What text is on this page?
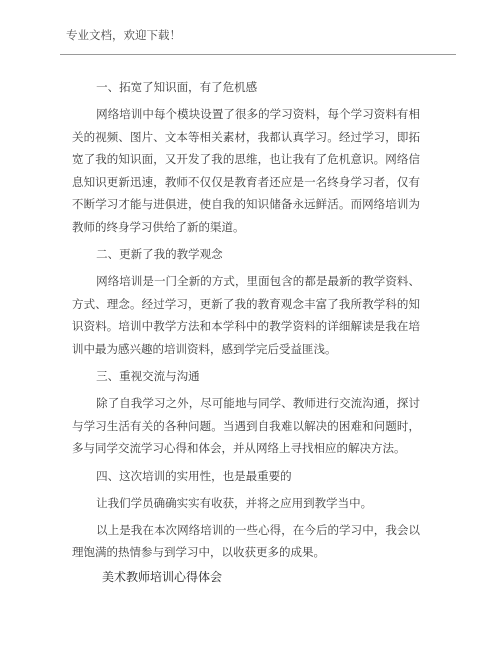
专业文档，欢迎下载！
一、拓宽了知识面，有了危机感

网络培训中每个模块设置了很多的学习资料，每个学习资料有相关的视频、图片、文本等相关素材，我都认真学习。经过学习，即拓宽了我的知识面，又开发了我的思维，也让我有了危机意识。网络信息知识更新迅速，教师不仅仅是教育者还应是一名终身学习者，仅有不断学习才能与进俱进，使自我的知识储备永远鲜活。而网络培训为教师的终身学习供给了新的渠道。

二、更新了我的教学观念

网络培训是一门全新的方式，里面包含的都是最新的教学资料、方式、理念。经过学习，更新了我的教育观念丰富了我所教学科的知识资料。培训中教学方法和本学科中的教学资料的详细解读是我在培训中最为感兴趣的培训资料，感到学完后受益匪浅。

三、重视交流与沟通

除了自我学习之外，尽可能地与同学、教师进行交流沟通，探讨与学习生活有关的各种问题。当遇到自我难以解决的困难和问题时，多与同学交流学习心得和体会，并从网络上寻找相应的解决方法。

四、这次培训的实用性，也是最重要的

让我们学员确确实实有收获，并将之应用到教学当中。

以上是我在本次网络培训的一些心得，在今后的学习中，我会以理饱满的热情参与到学习中，以收获更多的成果。

美术教师培训心得体会
